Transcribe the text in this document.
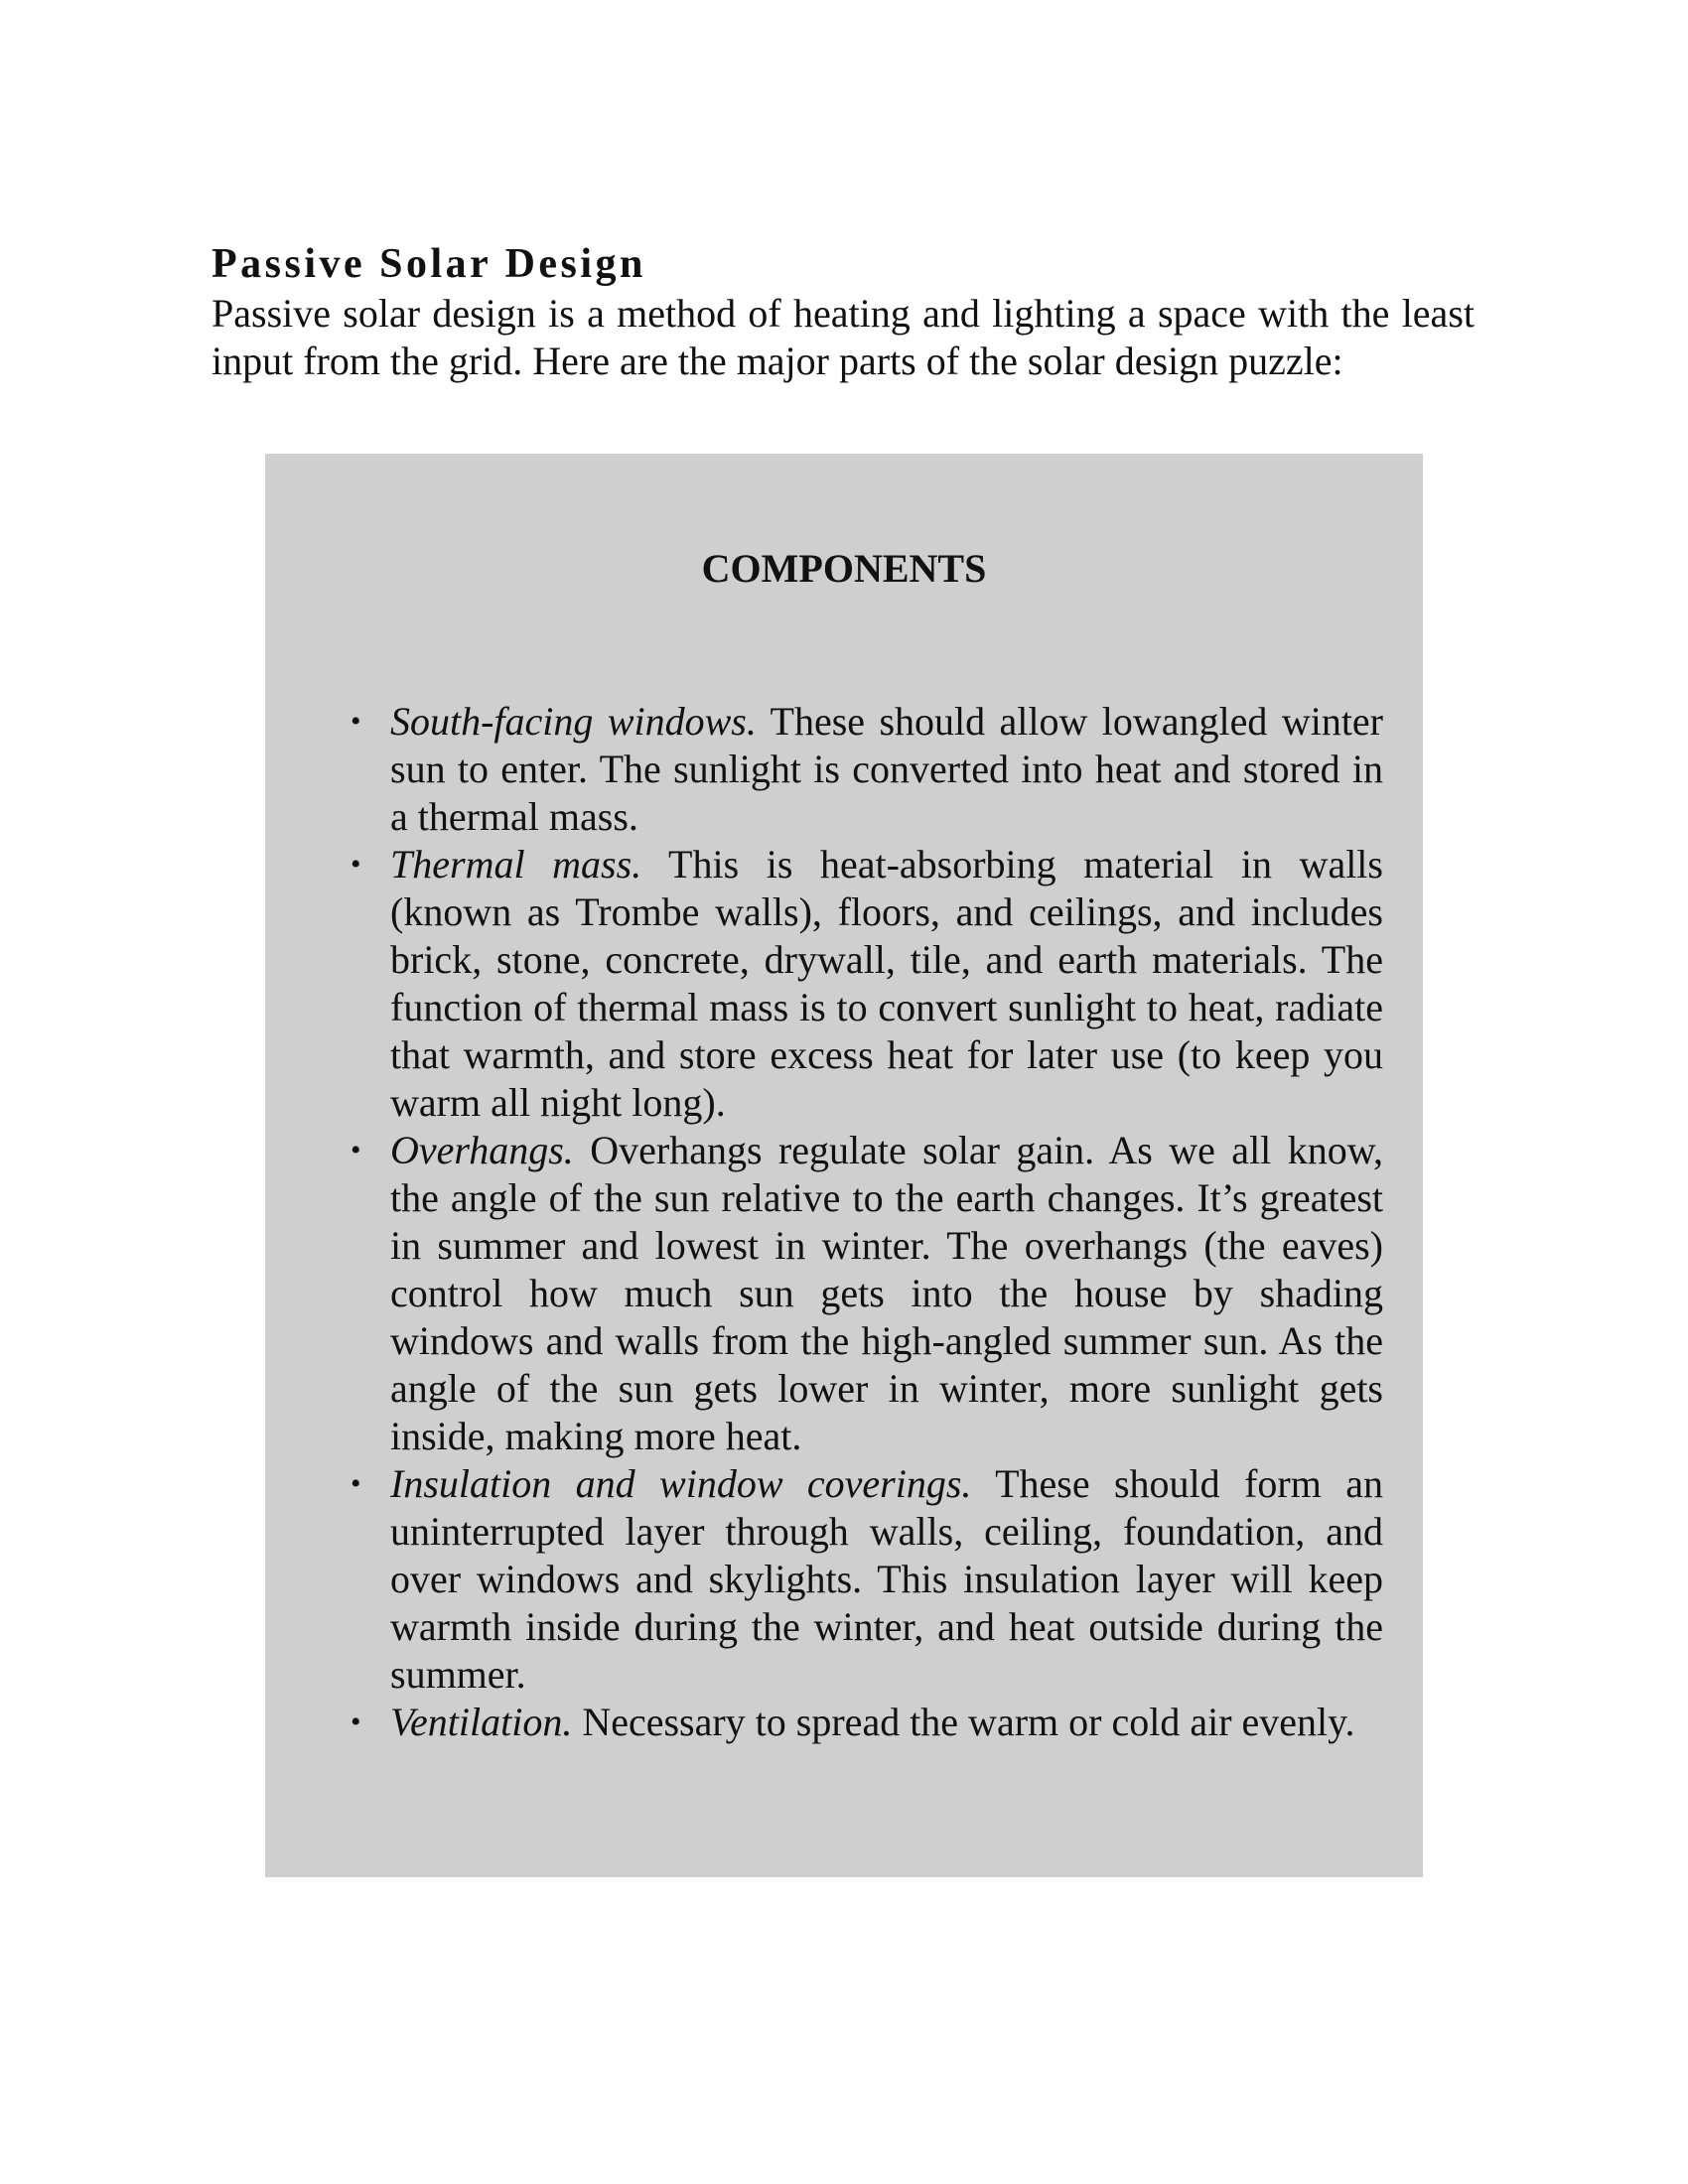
Passive Solar Design

Passive solar design is a method of heating and lighting a space with the least input from the grid. Here are the major parts of the solar design puzzle:

COMPONENTS
• South-facing windows. These should allow lowangled winter sun to enter. The sunlight is converted into heat and stored in a thermal mass.
• Thermal mass. This is heat-absorbing material in walls (known as Trombe walls), floors, and ceilings, and includes brick, stone, concrete, drywall, tile, and earth materials. The function of thermal mass is to convert sunlight to heat, radiate that warmth, and store excess heat for later use (to keep you warm all night long).
• Overhangs. Overhangs regulate solar gain. As we all know, the angle of the sun relative to the earth changes. It’s greatest in summer and lowest in winter. The overhangs (the eaves) control how much sun gets into the house by shading windows and walls from the high-angled summer sun. As the angle of the sun gets lower in winter, more sunlight gets inside, making more heat.
• Insulation and window coverings. These should form an uninterrupted layer through walls, ceiling, foundation, and over windows and skylights. This insulation layer will keep warmth inside during the winter, and heat outside during the summer.
• Ventilation. Necessary to spread the warm or cold air evenly.
